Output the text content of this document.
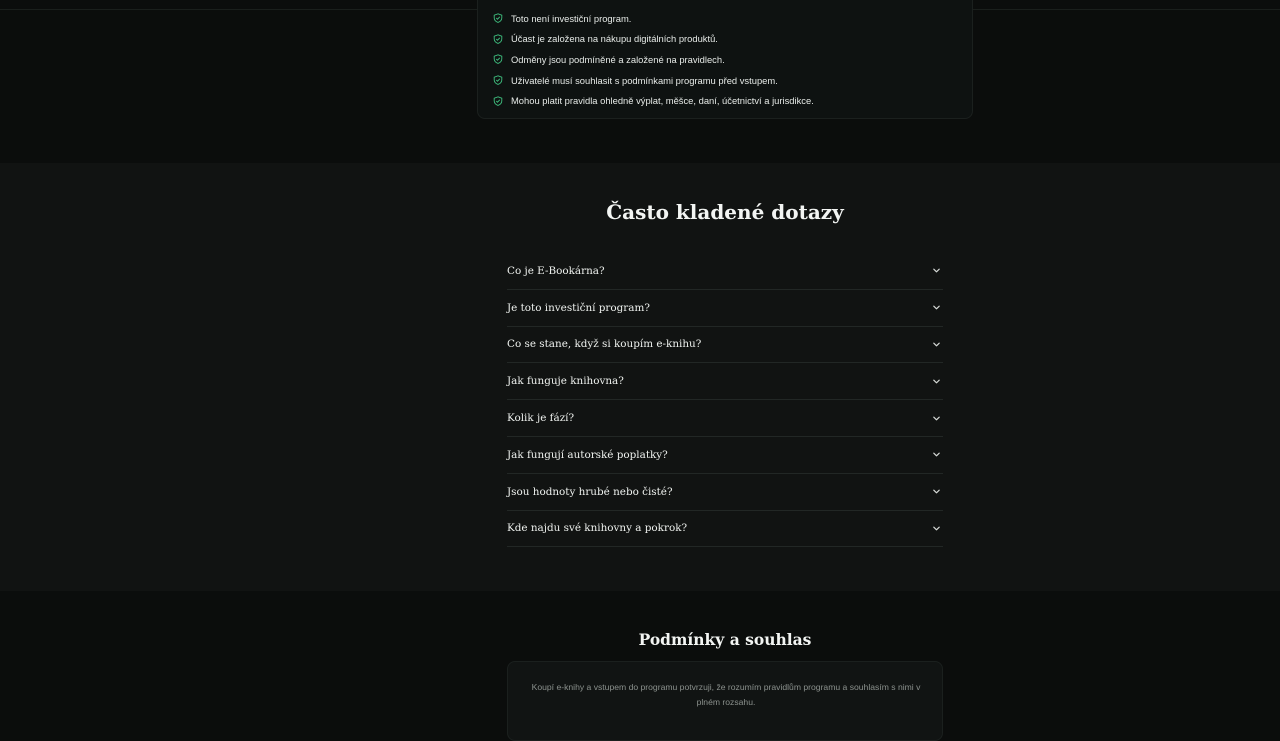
Toto není investiční program.
Účast je založena na nákupu digitálních produktů.
Odměny jsou podmíněné a založené na pravidlech.
Uživatelé musí souhlasit s podmínkami programu před vstupem.
Mohou platit pravidla ohledně výplat, měšce, daní, účetnictví a jurisdikce.
Často kladené dotazy
Co je E-Bookárna?
Je toto investiční program?
Co se stane, když si koupím e-knihu?
Jak funguje knihovna?
Kolik je fází?
Jak fungují autorské poplatky?
Jsou hodnoty hrubé nebo čisté?
Kde najdu své knihovny a pokrok?
Podmínky a souhlas

Koupí e-knihy a vstupem do programu potvrzuji, že rozumím pravidlům programu a souhlasím s nimi v plném rozsahu.
